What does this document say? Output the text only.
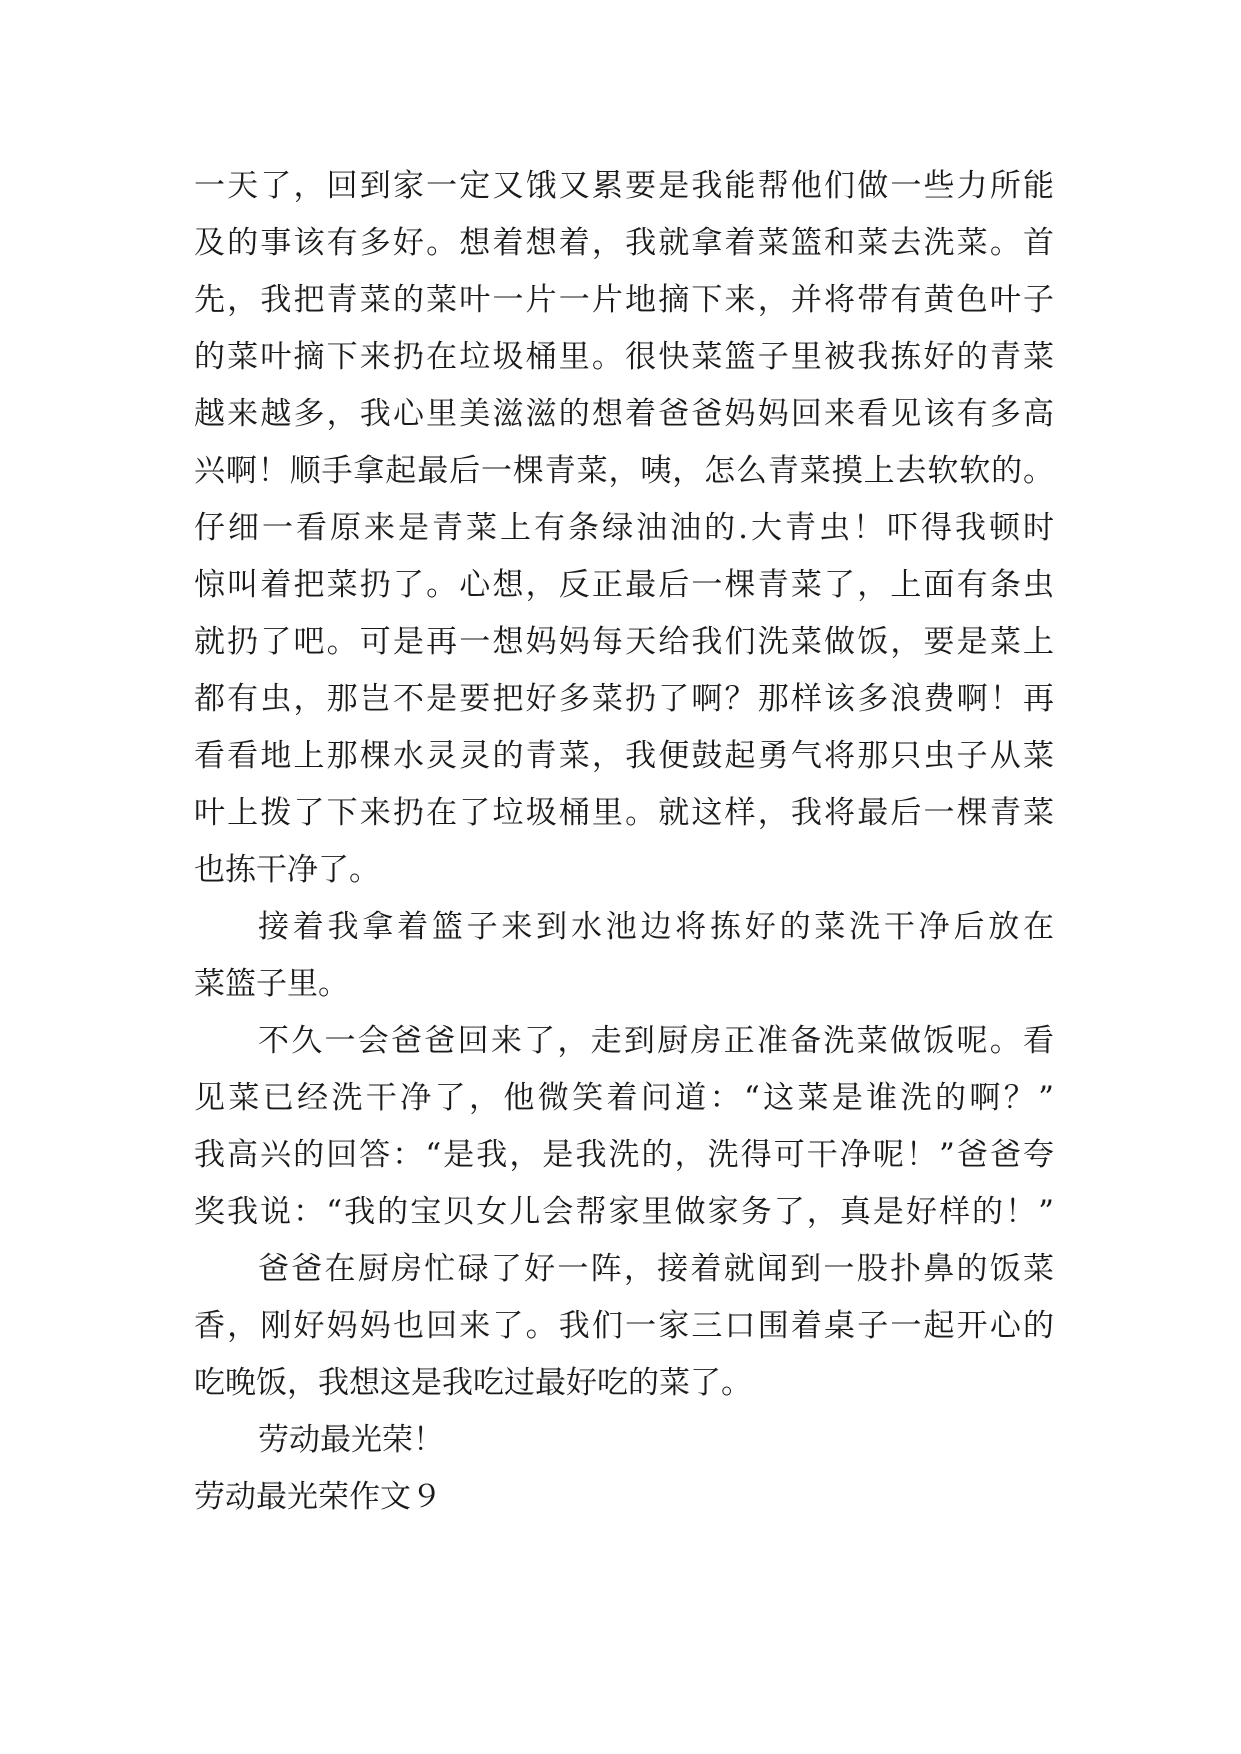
一天了，回到家一定又饿又累要是我能帮他们做一些力所能
及的事该有多好。想着想着，我就拿着菜篮和菜去洗菜。首
先，我把青菜的菜叶一片一片地摘下来，并将带有黄色叶子
的菜叶摘下来扔在垃圾桶里。很快菜篮子里被我拣好的青菜
越来越多，我心里美滋滋的想着爸爸妈妈回来看见该有多高
兴啊！顺手拿起最后一棵青菜，咦，怎么青菜摸上去软软的。
仔细一看原来是青菜上有条绿油油的.大青虫！吓得我顿时
惊叫着把菜扔了。心想，反正最后一棵青菜了，上面有条虫
就扔了吧。可是再一想妈妈每天给我们洗菜做饭，要是菜上
都有虫，那岂不是要把好多菜扔了啊？那样该多浪费啊！再
看看地上那棵水灵灵的青菜，我便鼓起勇气将那只虫子从菜
叶上拨了下来扔在了垃圾桶里。就这样，我将最后一棵青菜
也拣干净了。
接着我拿着篮子来到水池边将拣好的菜洗干净后放在
菜篮子里。
不久一会爸爸回来了，走到厨房正准备洗菜做饭呢。看
见菜已经洗干净了，他微笑着问道：“这菜是谁洗的啊？”
我高兴的回答：“是我，是我洗的，洗得可干净呢！”爸爸夸
奖我说：“我的宝贝女儿会帮家里做家务了，真是好样的！”
爸爸在厨房忙碌了好一阵，接着就闻到一股扑鼻的饭菜
香，刚好妈妈也回来了。我们一家三口围着桌子一起开心的
吃晚饭，我想这是我吃过最好吃的菜了。
劳动最光荣！
劳动最光荣作文９
